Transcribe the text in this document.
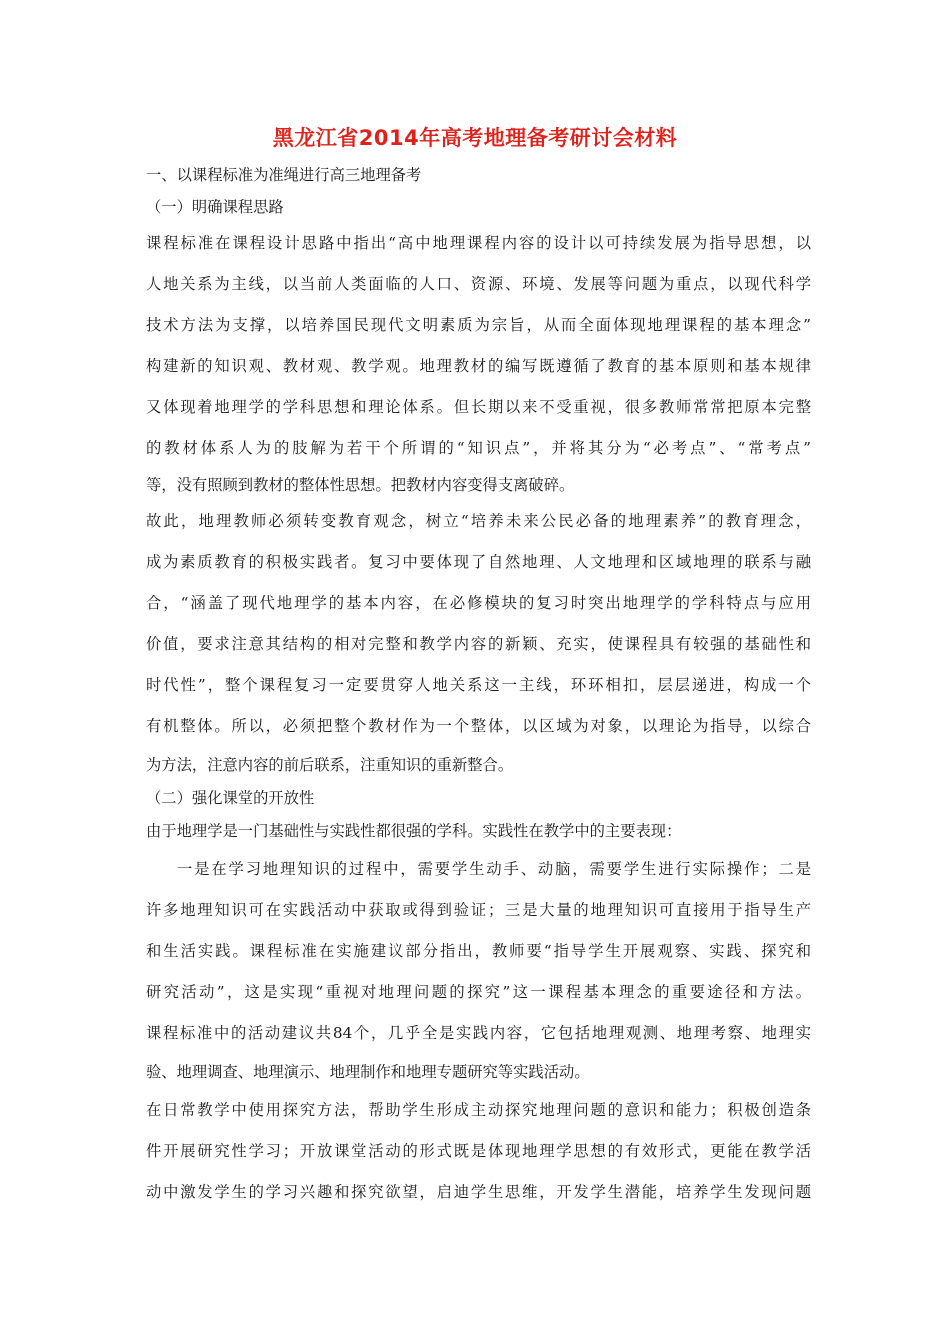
黑龙江省2014年高考地理备考研讨会材料
一、以课程标准为准绳进行高三地理备考
（一）明确课程思路
课程标准在课程设计思路中指出“高中地理课程内容的设计以可持续发展为指导思想，以
人地关系为主线，以当前人类面临的人口、资源、环境、发展等问题为重点，以现代科学
技术方法为支撑，以培养国民现代文明素质为宗旨，从而全面体现地理课程的基本理念”
构建新的知识观、教材观、教学观。地理教材的编写既遵循了教育的基本原则和基本规律
又体现着地理学的学科思想和理论体系。但长期以来不受重视，很多教师常常把原本完整
的教材体系人为的肢解为若干个所谓的“知识点”，并将其分为“必考点”、“常考点”
等，没有照顾到教材的整体性思想。把教材内容变得支离破碎。
故此，地理教师必须转变教育观念，树立“培养未来公民必备的地理素养”的教育理念，
成为素质教育的积极实践者。复习中要体现了自然地理、人文地理和区域地理的联系与融
合，“涵盖了现代地理学的基本内容，在必修模块的复习时突出地理学的学科特点与应用
价值，要求注意其结构的相对完整和教学内容的新颖、充实，使课程具有较强的基础性和
时代性”，整个课程复习一定要贯穿人地关系这一主线，环环相扣，层层递进，构成一个
有机整体。所以，必须把整个教材作为一个整体，以区域为对象，以理论为指导，以综合
为方法，注意内容的前后联系，注重知识的重新整合。
（二）强化课堂的开放性
由于地理学是一门基础性与实践性都很强的学科。实践性在教学中的主要表现：
一是在学习地理知识的过程中，需要学生动手、动脑，需要学生进行实际操作；二是
许多地理知识可在实践活动中获取或得到验证；三是大量的地理知识可直接用于指导生产
和生活实践。课程标准在实施建议部分指出，教师要“指导学生开展观察、实践、探究和
研究活动”，这是实现“重视对地理问题的探究”这一课程基本理念的重要途径和方法。
课程标准中的活动建议共84个，几乎全是实践内容，它包括地理观测、地理考察、地理实
验、地理调查、地理演示、地理制作和地理专题研究等实践活动。
在日常教学中使用探究方法，帮助学生形成主动探究地理问题的意识和能力；积极创造条
件开展研究性学习；开放课堂活动的形式既是体现地理学思想的有效形式，更能在教学活
动中激发学生的学习兴趣和探究欲望，启迪学生思维，开发学生潜能，培养学生发现问题
